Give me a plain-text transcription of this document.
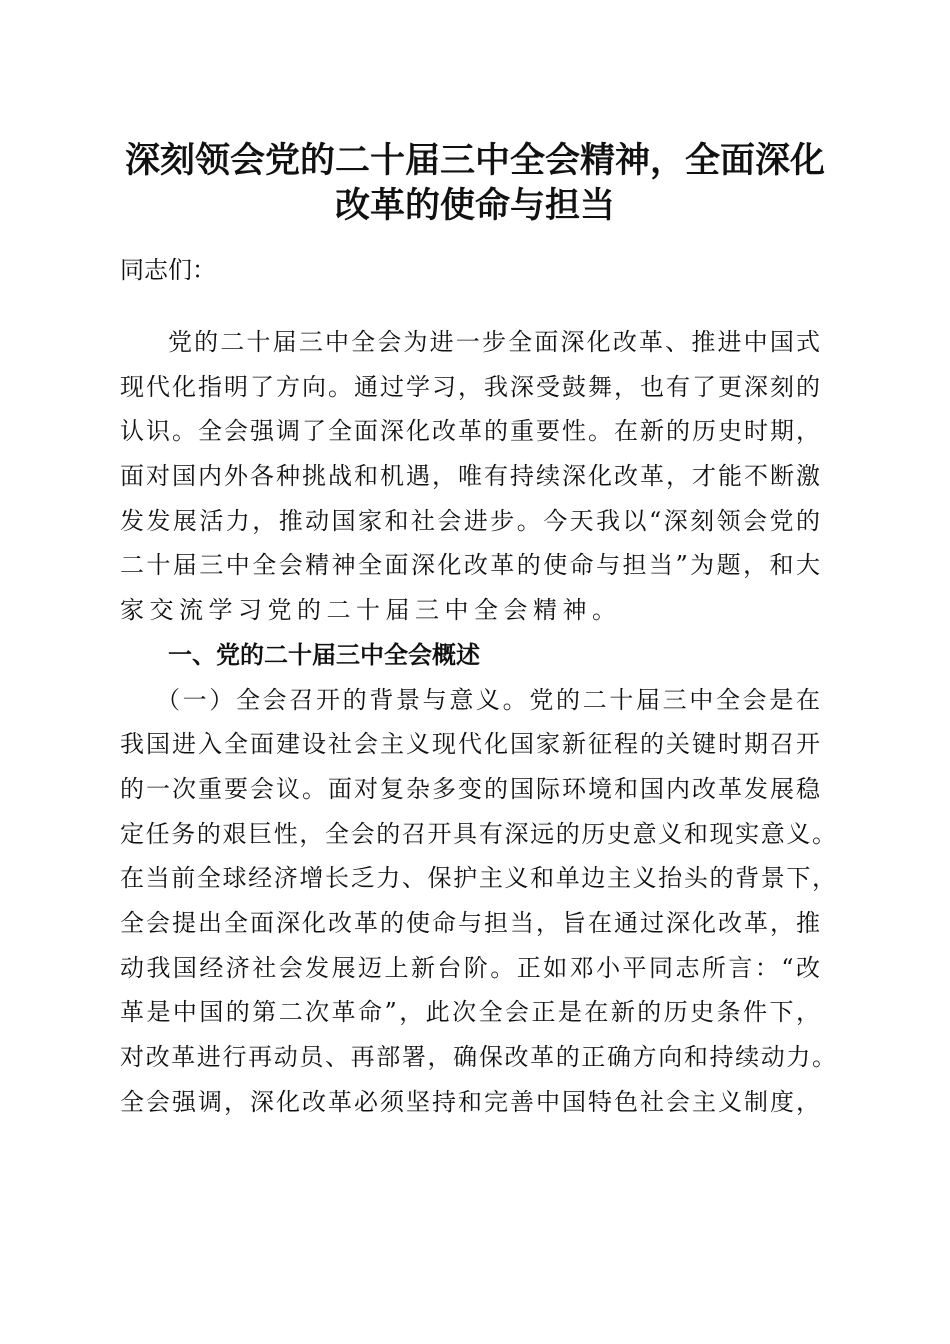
深刻领会党的二十届三中全会精神，全面深化
改革的使命与担当
同志们：
党的二十届三中全会为进一步全面深化改革、推进中国式
现代化指明了方向。通过学习，我深受鼓舞，也有了更深刻的
认识。全会强调了全面深化改革的重要性。在新的历史时期，
面对国内外各种挑战和机遇，唯有持续深化改革，才能不断激
发发展活力，推动国家和社会进步。今天我以“深刻领会党的
二十届三中全会精神全面深化改革的使命与担当”为题，和大
家交流学习党的二十届三中全会精神。
一、党的二十届三中全会概述
（一）全会召开的背景与意义。党的二十届三中全会是在
我国进入全面建设社会主义现代化国家新征程的关键时期召开
的一次重要会议。面对复杂多变的国际环境和国内改革发展稳
定任务的艰巨性，全会的召开具有深远的历史意义和现实意义。
在当前全球经济增长乏力、保护主义和单边主义抬头的背景下，
全会提出全面深化改革的使命与担当，旨在通过深化改革，推
动我国经济社会发展迈上新台阶。正如邓小平同志所言：“改
革是中国的第二次革命”，此次全会正是在新的历史条件下，
对改革进行再动员、再部署，确保改革的正确方向和持续动力。
全会强调，深化改革必须坚持和完善中国特色社会主义制度，
